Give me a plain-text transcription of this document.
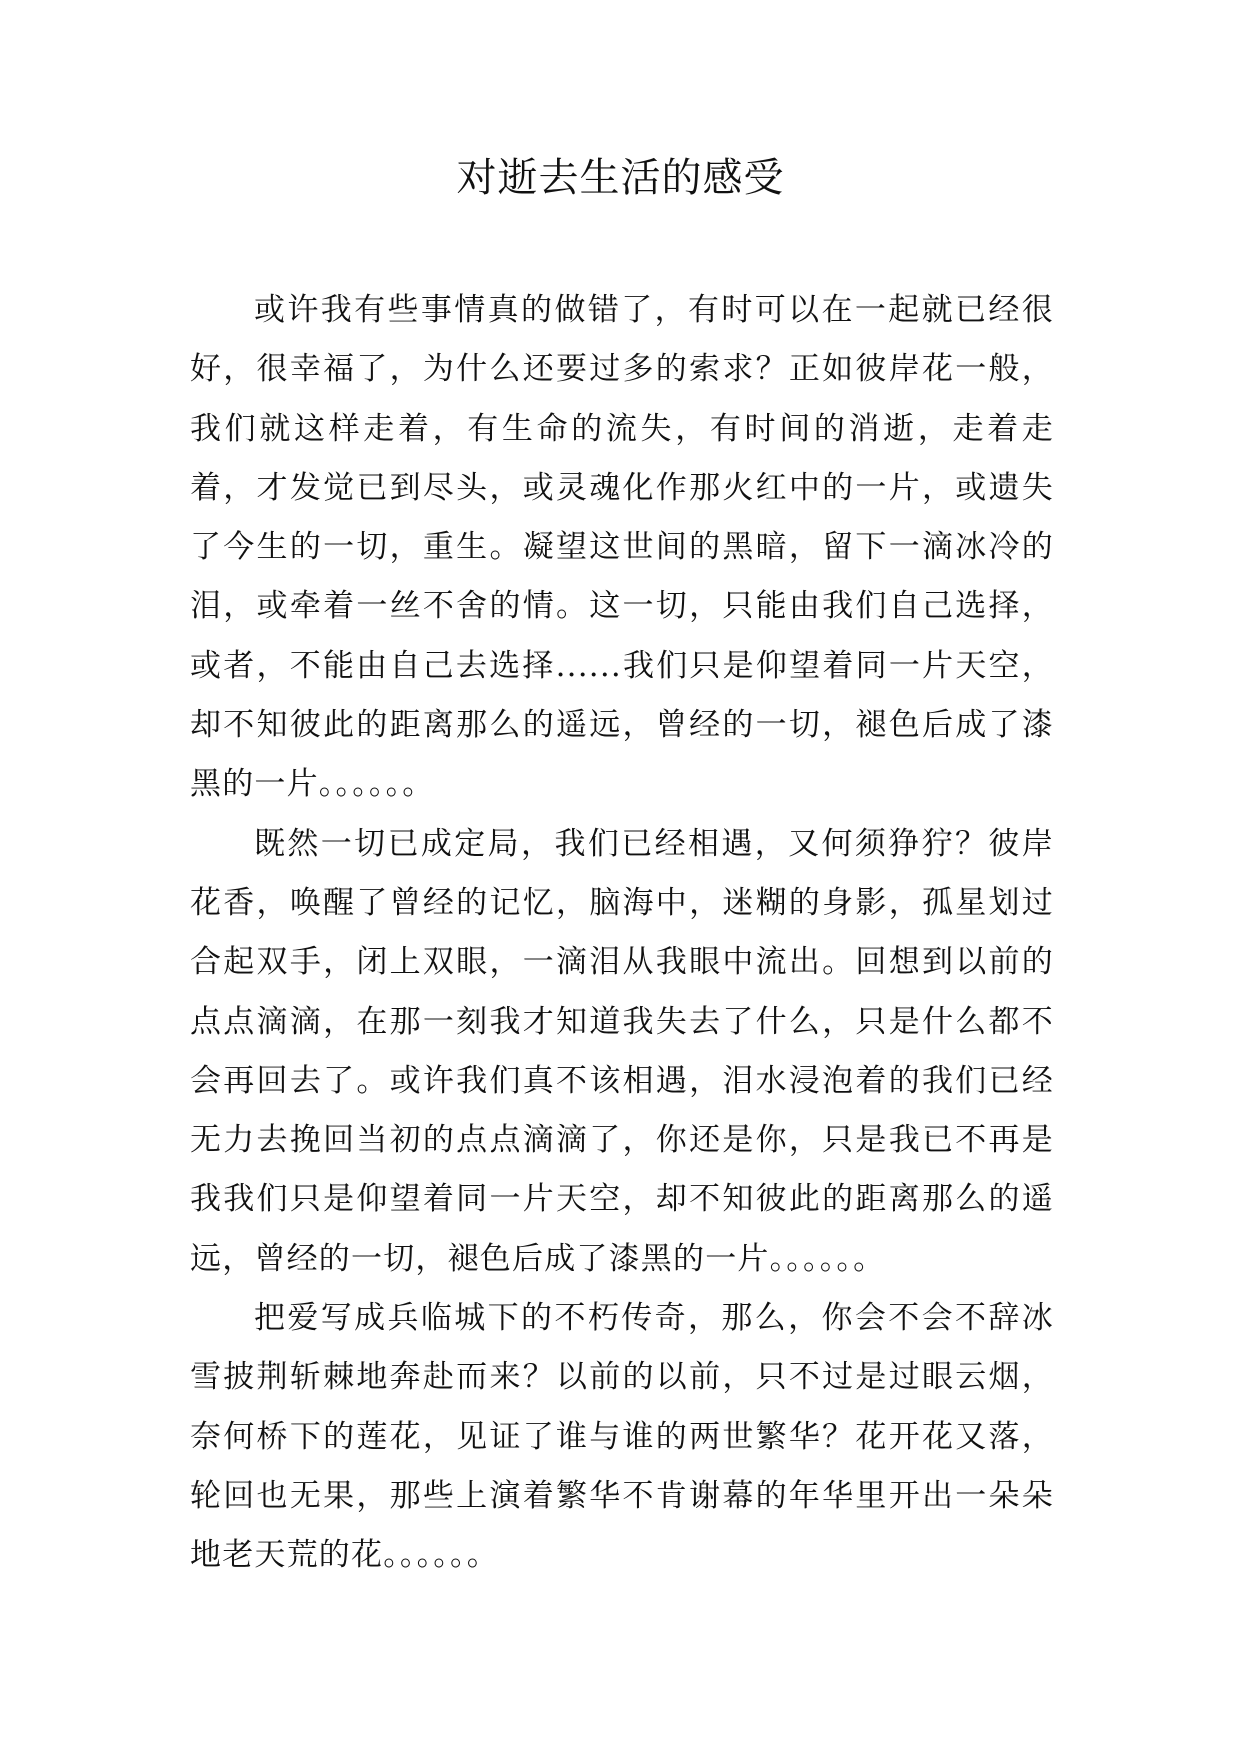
对逝去生活的感受

或许我有些事情真的做错了，有时可以在一起就已经很好，很幸福了，为什么还要过多的索求？正如彼岸花一般，我们就这样走着，有生命的流失，有时间的消逝，走着走着，才发觉已到尽头，或灵魂化作那火红中的一片，或遗失了今生的一切，重生。凝望这世间的黑暗，留下一滴冰冷的泪，或牵着一丝不舍的情。这一切，只能由我们自己选择，或者，不能由自己去选择......我们只是仰望着同一片天空，却不知彼此的距离那么的遥远，曾经的一切，褪色后成了漆黑的一片。。。。。。

既然一切已成定局，我们已经相遇，又何须狰狞？彼岸花香，唤醒了曾经的记忆，脑海中，迷糊的身影，孤星划过合起双手，闭上双眼，一滴泪从我眼中流出。回想到以前的点点滴滴，在那一刻我才知道我失去了什么，只是什么都不会再回去了。或许我们真不该相遇，泪水浸泡着的我们已经无力去挽回当初的点点滴滴了，你还是你，只是我已不再是我我们只是仰望着同一片天空，却不知彼此的距离那么的遥远，曾经的一切，褪色后成了漆黑的一片。。。。。。

把爱写成兵临城下的不朽传奇，那么，你会不会不辞冰雪披荆斩棘地奔赴而来？以前的以前，只不过是过眼云烟，奈何桥下的莲花，见证了谁与谁的两世繁华？花开花又落，轮回也无果，那些上演着繁华不肯谢幕的年华里开出一朵朵地老天荒的花。。。。。。
